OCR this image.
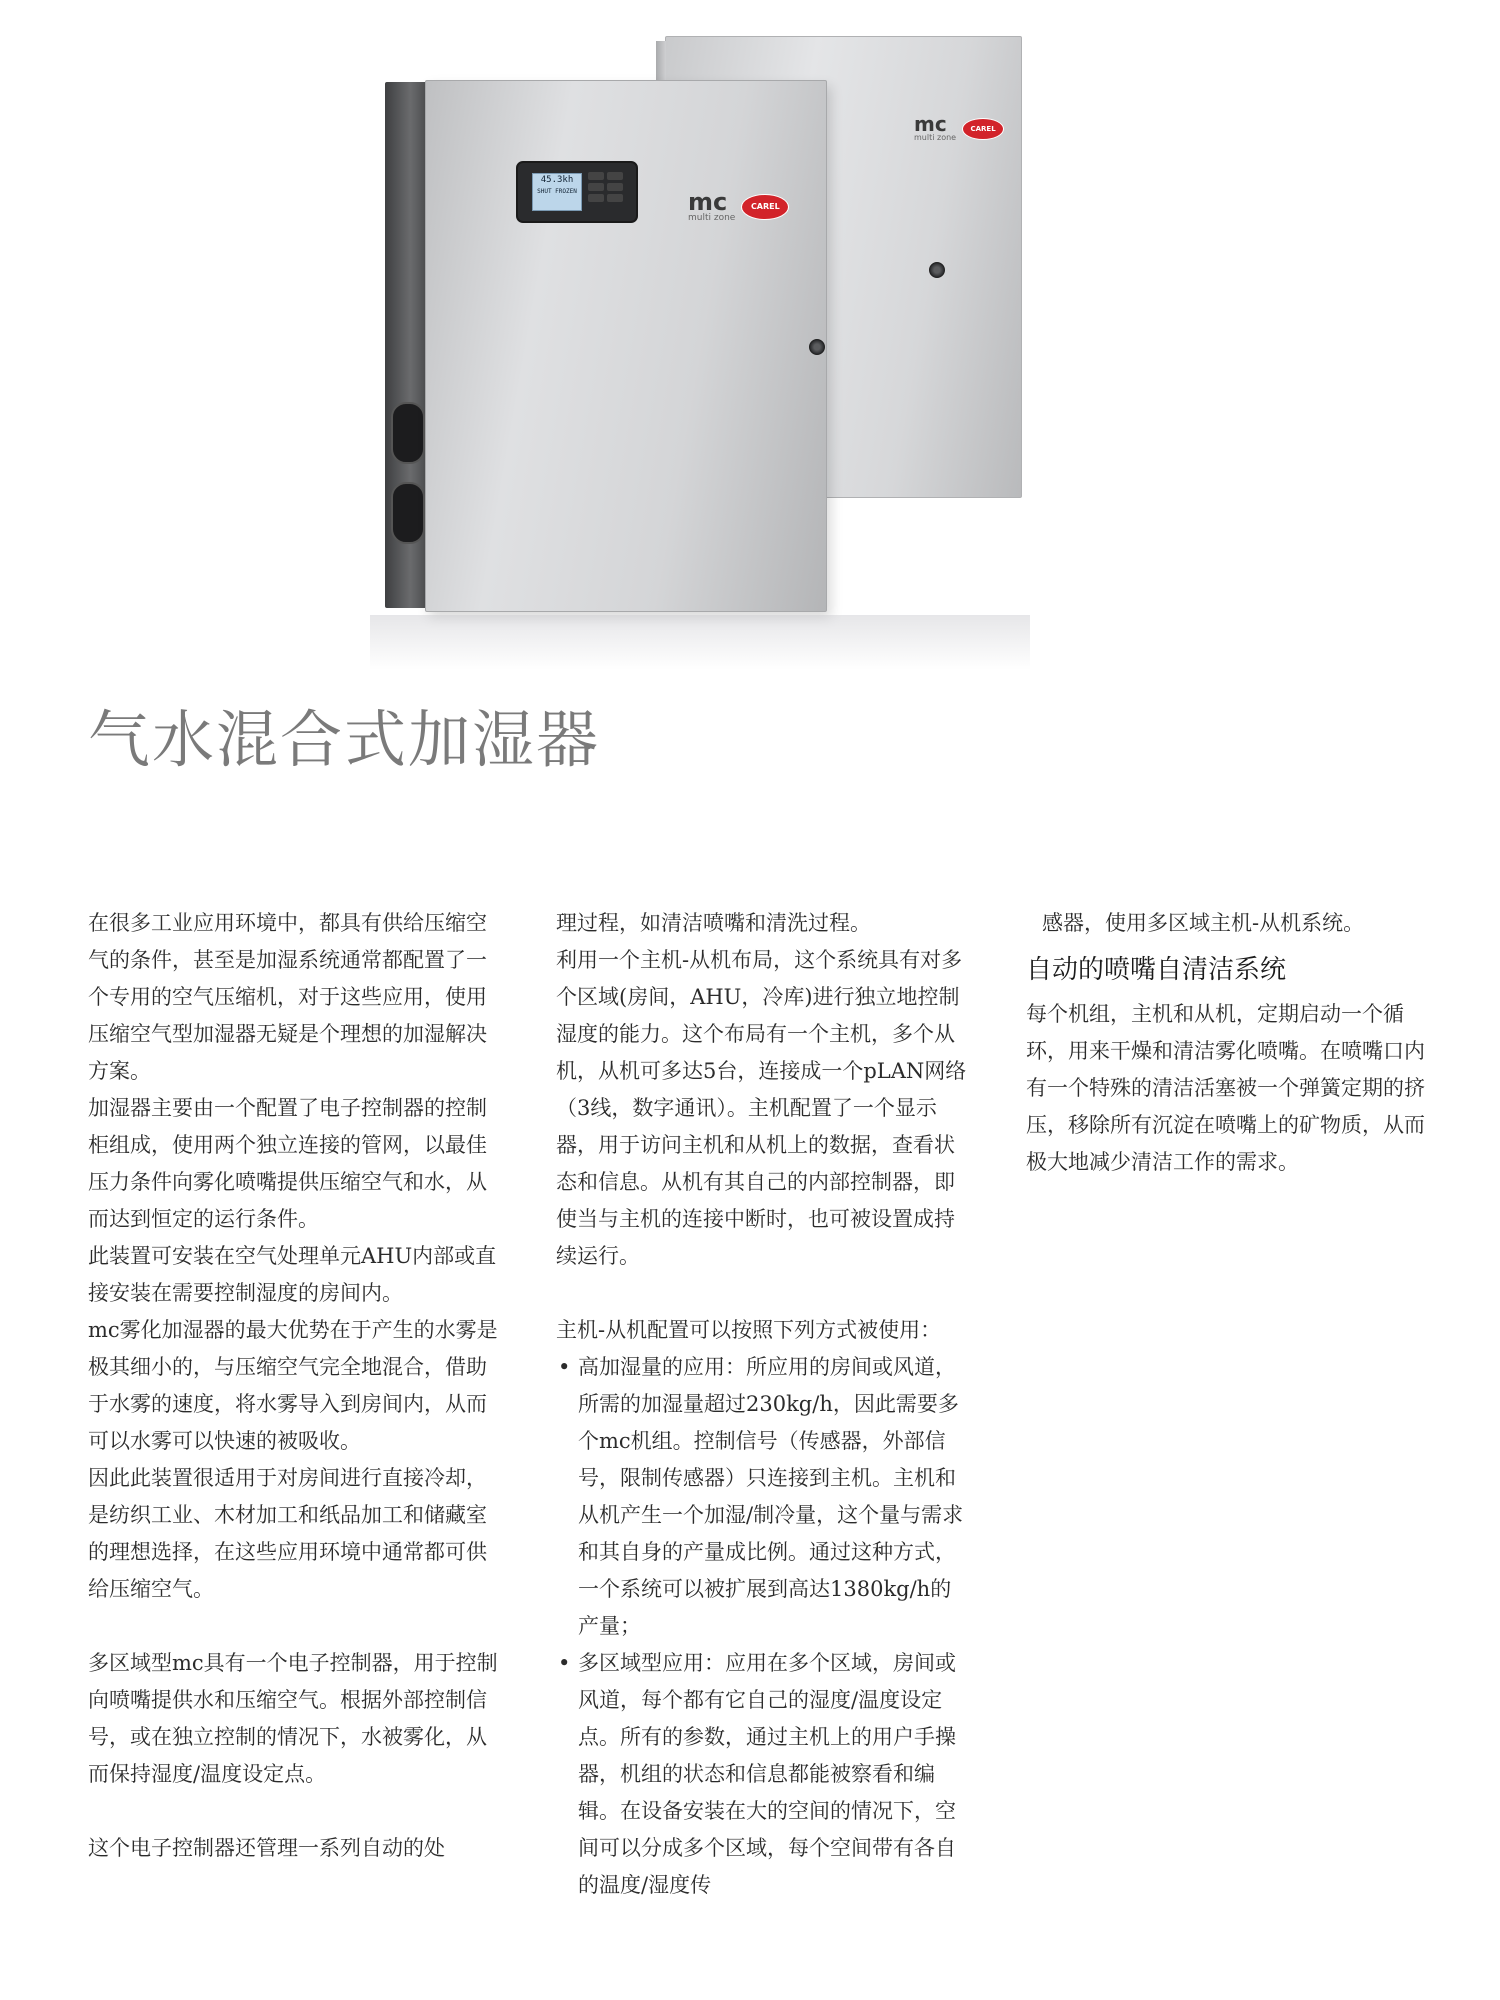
mc
multi zone
CAREL
45.3kh
SHUT FROZEN	mc
multi zone
CAREL
气水混合式加湿器

在很多工业应用环境中，都具有供给压缩空气的条件，甚至是加湿系统通常都配置了一个专用的空气压缩机，对于这些应用，使用压缩空气型加湿器无疑是个理想的加湿解决方案。

加湿器主要由一个配置了电子控制器的控制柜组成，使用两个独立连接的管网，以最佳压力条件向雾化喷嘴提供压缩空气和水，从而达到恒定的运行条件。

此装置可安装在空气处理单元AHU内部或直接安装在需要控制湿度的房间内。

mc雾化加湿器的最大优势在于产生的水雾是极其细小的，与压缩空气完全地混合，借助于水雾的速度，将水雾导入到房间内，从而可以水雾可以快速的被吸收。

因此此装置很适用于对房间进行直接冷却，是纺织工业、木材加工和纸品加工和储藏室的理想选择，在这些应用环境中通常都可供给压缩空气。

多区域型mc具有一个电子控制器，用于控制向喷嘴提供水和压缩空气。根据外部控制信号，或在独立控制的情况下，水被雾化，从而保持湿度/温度设定点。

这个电子控制器还管理一系列自动的处

理过程，如清洁喷嘴和清洗过程。

利用一个主机-从机布局，这个系统具有对多个区域(房间，AHU，冷库)进行独立地控制湿度的能力。这个布局有一个主机，多个从机，从机可多达5台，连接成一个pLAN网络（3线，数字通讯）。主机配置了一个显示器，用于访问主机和从机上的数据，查看状态和信息。从机有其自己的内部控制器，即使当与主机的连接中断时，也可被设置成持续运行。

主机-从机配置可以按照下列方式被使用：

• 高加湿量的应用：所应用的房间或风道，所需的加湿量超过230kg/h，因此需要多个mc机组。控制信号（传感器，外部信号，限制传感器）只连接到主机。主机和从机产生一个加湿/制冷量，这个量与需求和其自身的产量成比例。通过这种方式，一个系统可以被扩展到高达1380kg/h的产量；
• 多区域型应用：应用在多个区域，房间或风道，每个都有它自己的湿度/温度设定点。所有的参数，通过主机上的用户手操器，机组的状态和信息都能被察看和编辑。在设备安装在大的空间的情况下，空间可以分成多个区域，每个空间带有各自的温度/湿度传

感器，使用多区域主机-从机系统。

自动的喷嘴自清洁系统

每个机组，主机和从机，定期启动一个循环，用来干燥和清洁雾化喷嘴。在喷嘴口内有一个特殊的清洁活塞被一个弹簧定期的挤压，移除所有沉淀在喷嘴上的矿物质，从而极大地减少清洁工作的需求。
